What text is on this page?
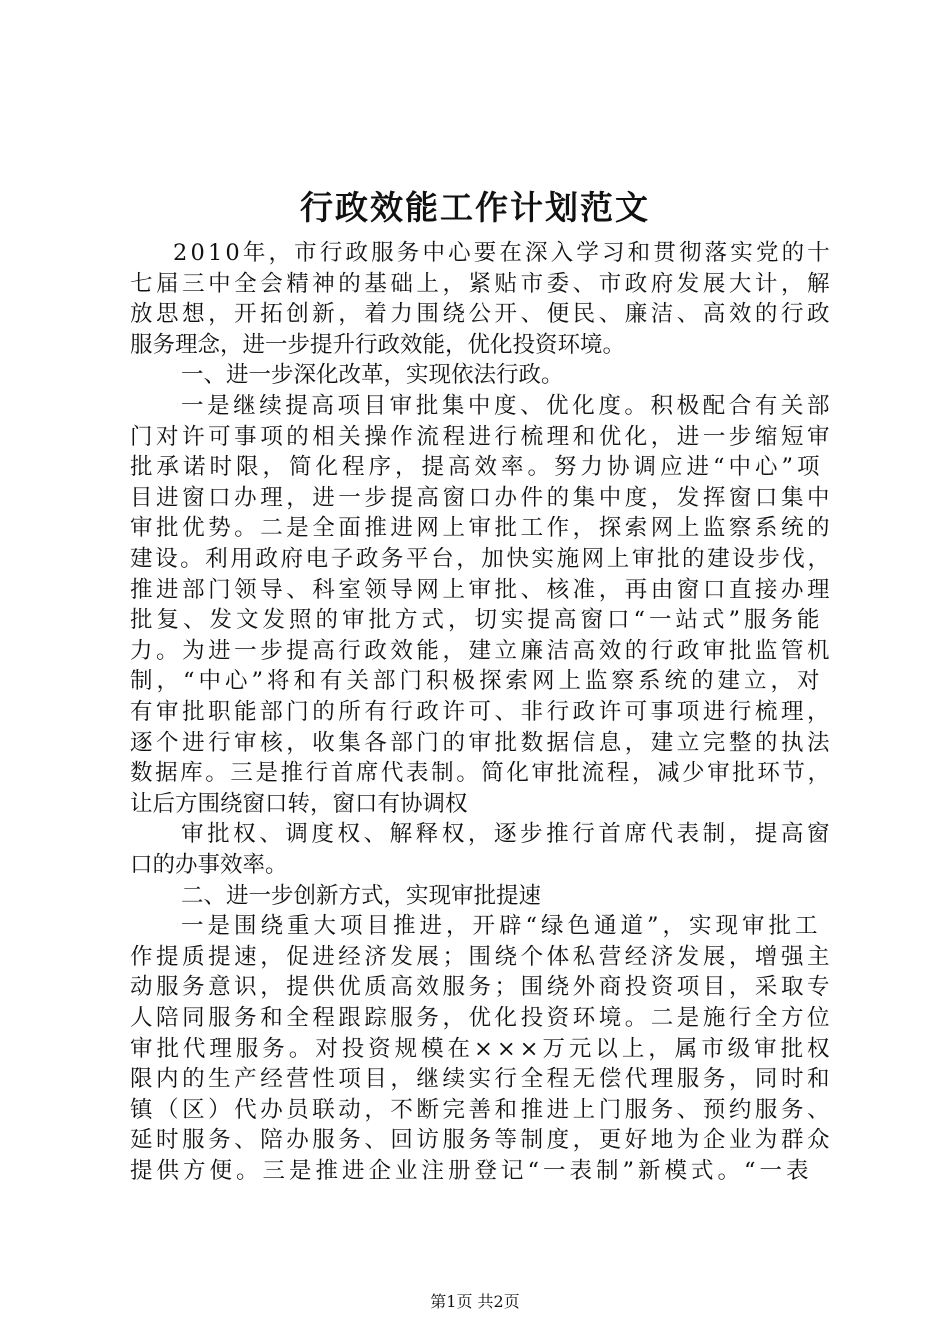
行政效能工作计划范文
2010年，市行政服务中心要在深入学习和贯彻落实党的十
七届三中全会精神的基础上，紧贴市委、市政府发展大计，解
放思想，开拓创新，着力围绕公开、便民、廉洁、高效的行政
服务理念，进一步提升行政效能，优化投资环境。
一、进一步深化改革，实现依法行政。
一是继续提高项目审批集中度、优化度。积极配合有关部
门对许可事项的相关操作流程进行梳理和优化，进一步缩短审
批承诺时限，简化程序，提高效率。努力协调应进“中心”项
目进窗口办理，进一步提高窗口办件的集中度，发挥窗口集中
审批优势。二是全面推进网上审批工作，探索网上监察系统的
建设。利用政府电子政务平台，加快实施网上审批的建设步伐，
推进部门领导、科室领导网上审批、核准，再由窗口直接办理
批复、发文发照的审批方式，切实提高窗口“一站式”服务能
力。为进一步提高行政效能，建立廉洁高效的行政审批监管机
制，“中心”将和有关部门积极探索网上监察系统的建立，对
有审批职能部门的所有行政许可、非行政许可事项进行梳理，
逐个进行审核，收集各部门的审批数据信息，建立完整的执法
数据库。三是推行首席代表制。简化审批流程，减少审批环节，
让后方围绕窗口转，窗口有协调权
审批权、调度权、解释权，逐步推行首席代表制，提高窗
口的办事效率。
二、进一步创新方式，实现审批提速
一是围绕重大项目推进，开辟“绿色通道”，实现审批工
作提质提速，促进经济发展；围绕个体私营经济发展，增强主
动服务意识，提供优质高效服务；围绕外商投资项目，采取专
人陪同服务和全程跟踪服务，优化投资环境。二是施行全方位
审批代理服务。对投资规模在×××万元以上，属市级审批权
限内的生产经营性项目，继续实行全程无偿代理服务，同时和
镇（区）代办员联动，不断完善和推进上门服务、预约服务、
延时服务、陪办服务、回访服务等制度，更好地为企业为群众
提供方便。三是推进企业注册登记“一表制”新模式。“一表
第1页 共2页
